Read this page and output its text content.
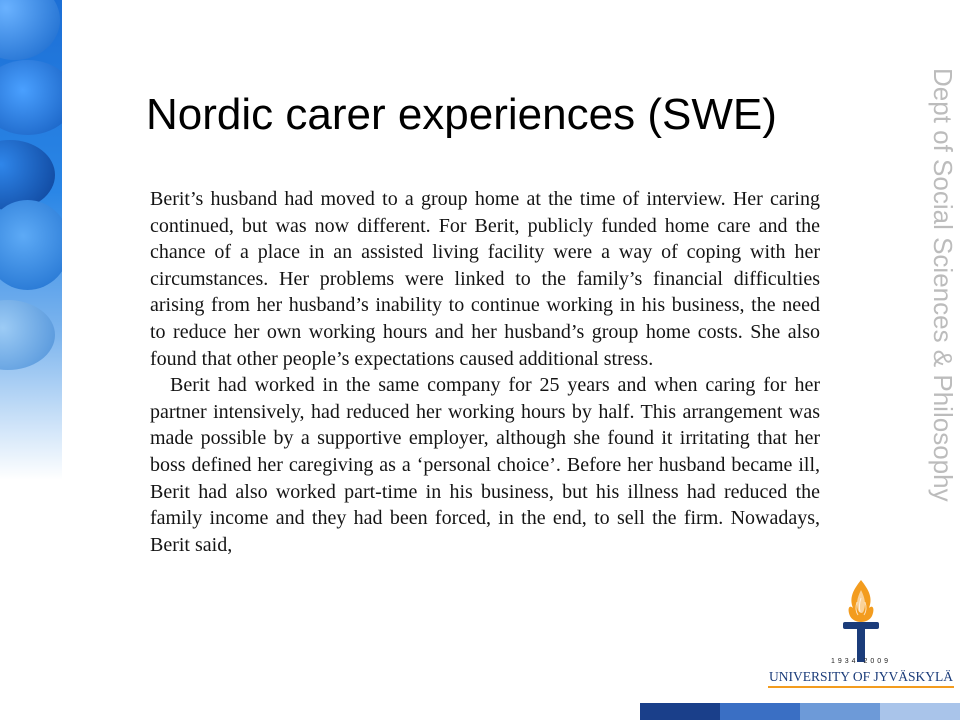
Nordic carer experiences (SWE)	Dept of Social Sciences & Philosophy

Berit’s husband had moved to a group home at the time of interview. Her caring continued, but was now different. For Berit, publicly funded home care and the chance of a place in an assisted living facility were a way of coping with her circumstances. Her problems were linked to the family’s financial difficulties arising from her husband’s inability to continue working in his business, the need to reduce her own working hours and her husband’s group home costs. She also found that other people’s expectations caused additional stress.

Berit had worked in the same company for 25 years and when caring for her partner intensively, had reduced her working hours by half. This arrangement was made possible by a supportive employer, although she found it irritating that her boss defined her caregiving as a ‘personal choice’. Before her husband became ill, Berit had also worked part-time in his business, but his illness had reduced the family income and they had been forced, in the end, to sell the firm. Nowadays, Berit said,

1934 2009
UNIVERSITY OF JYVÄSKYLÄ
